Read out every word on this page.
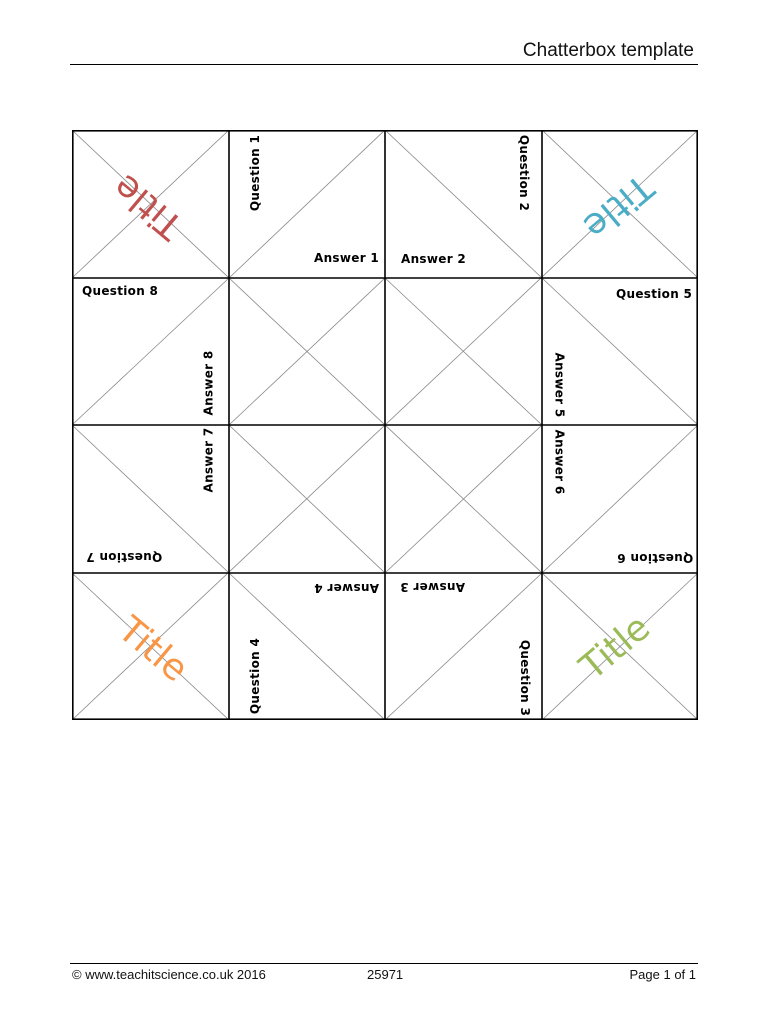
Chatterbox template
Title	Title
Title	Title
Question 1
Answer 1 Answer 2
Question 2
Question 8
Answer 8
Question 5
Answer 5
Answer 7
Question 7
Answer 6
Question 6
Answer 4 Answer 3
Question 4	Question 3
© www.teachitscience.co.uk 2016	25971	Page 1 of 1
